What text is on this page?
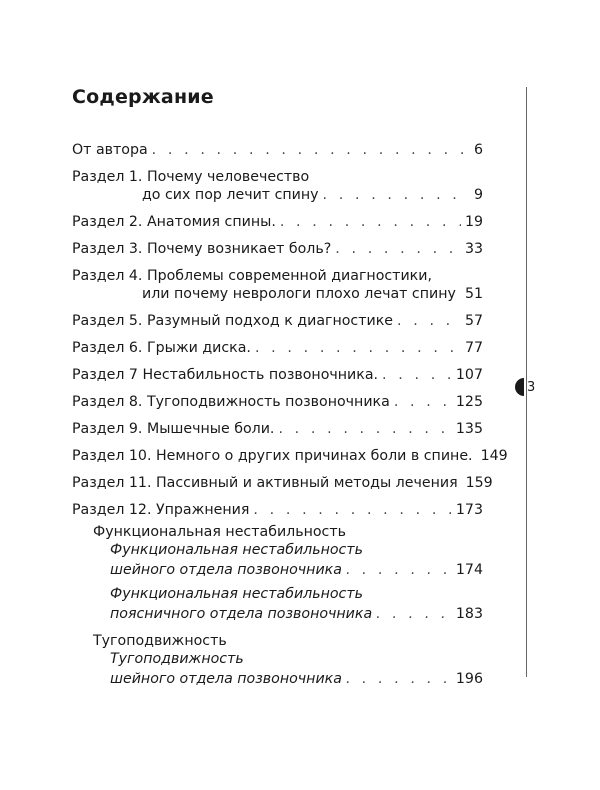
Содержание
От автора . . .	6
Раздел 1. Почему человечество
до сих пор лечит спину . . .	9
Раздел 2. Анатомия спины. . . .	19
Раздел 3. Почему возникает боль? . . .	33
Раздел 4. Проблемы современной диагностики,
или почему неврологи плохо лечат спину . . . 51
Раздел 5. Разумный подход к диагностике . . .	57
Раздел 6. Грыжи диска. . . .	77
Раздел 7 Нестабильность позвоночника. . . .	107
Раздел 8. Тугоподвижность позвоночника . . .	125
Раздел 9. Мышечные боли. . . .	135
Раздел 10. Немного о других причинах боли в спине. 149
Раздел 11. Пассивный и активный методы лечения 159
Раздел 12. Упражнения . . .	173
Функциональная нестабильность
Функциональная нестабильность
шейного отдела позвоночника . . .	174
Функциональная нестабильность
поясничного отдела позвоночника . . .	183
Тугоподвижность
Тугоподвижность
шейного отдела позвоночника . . .	196
3
